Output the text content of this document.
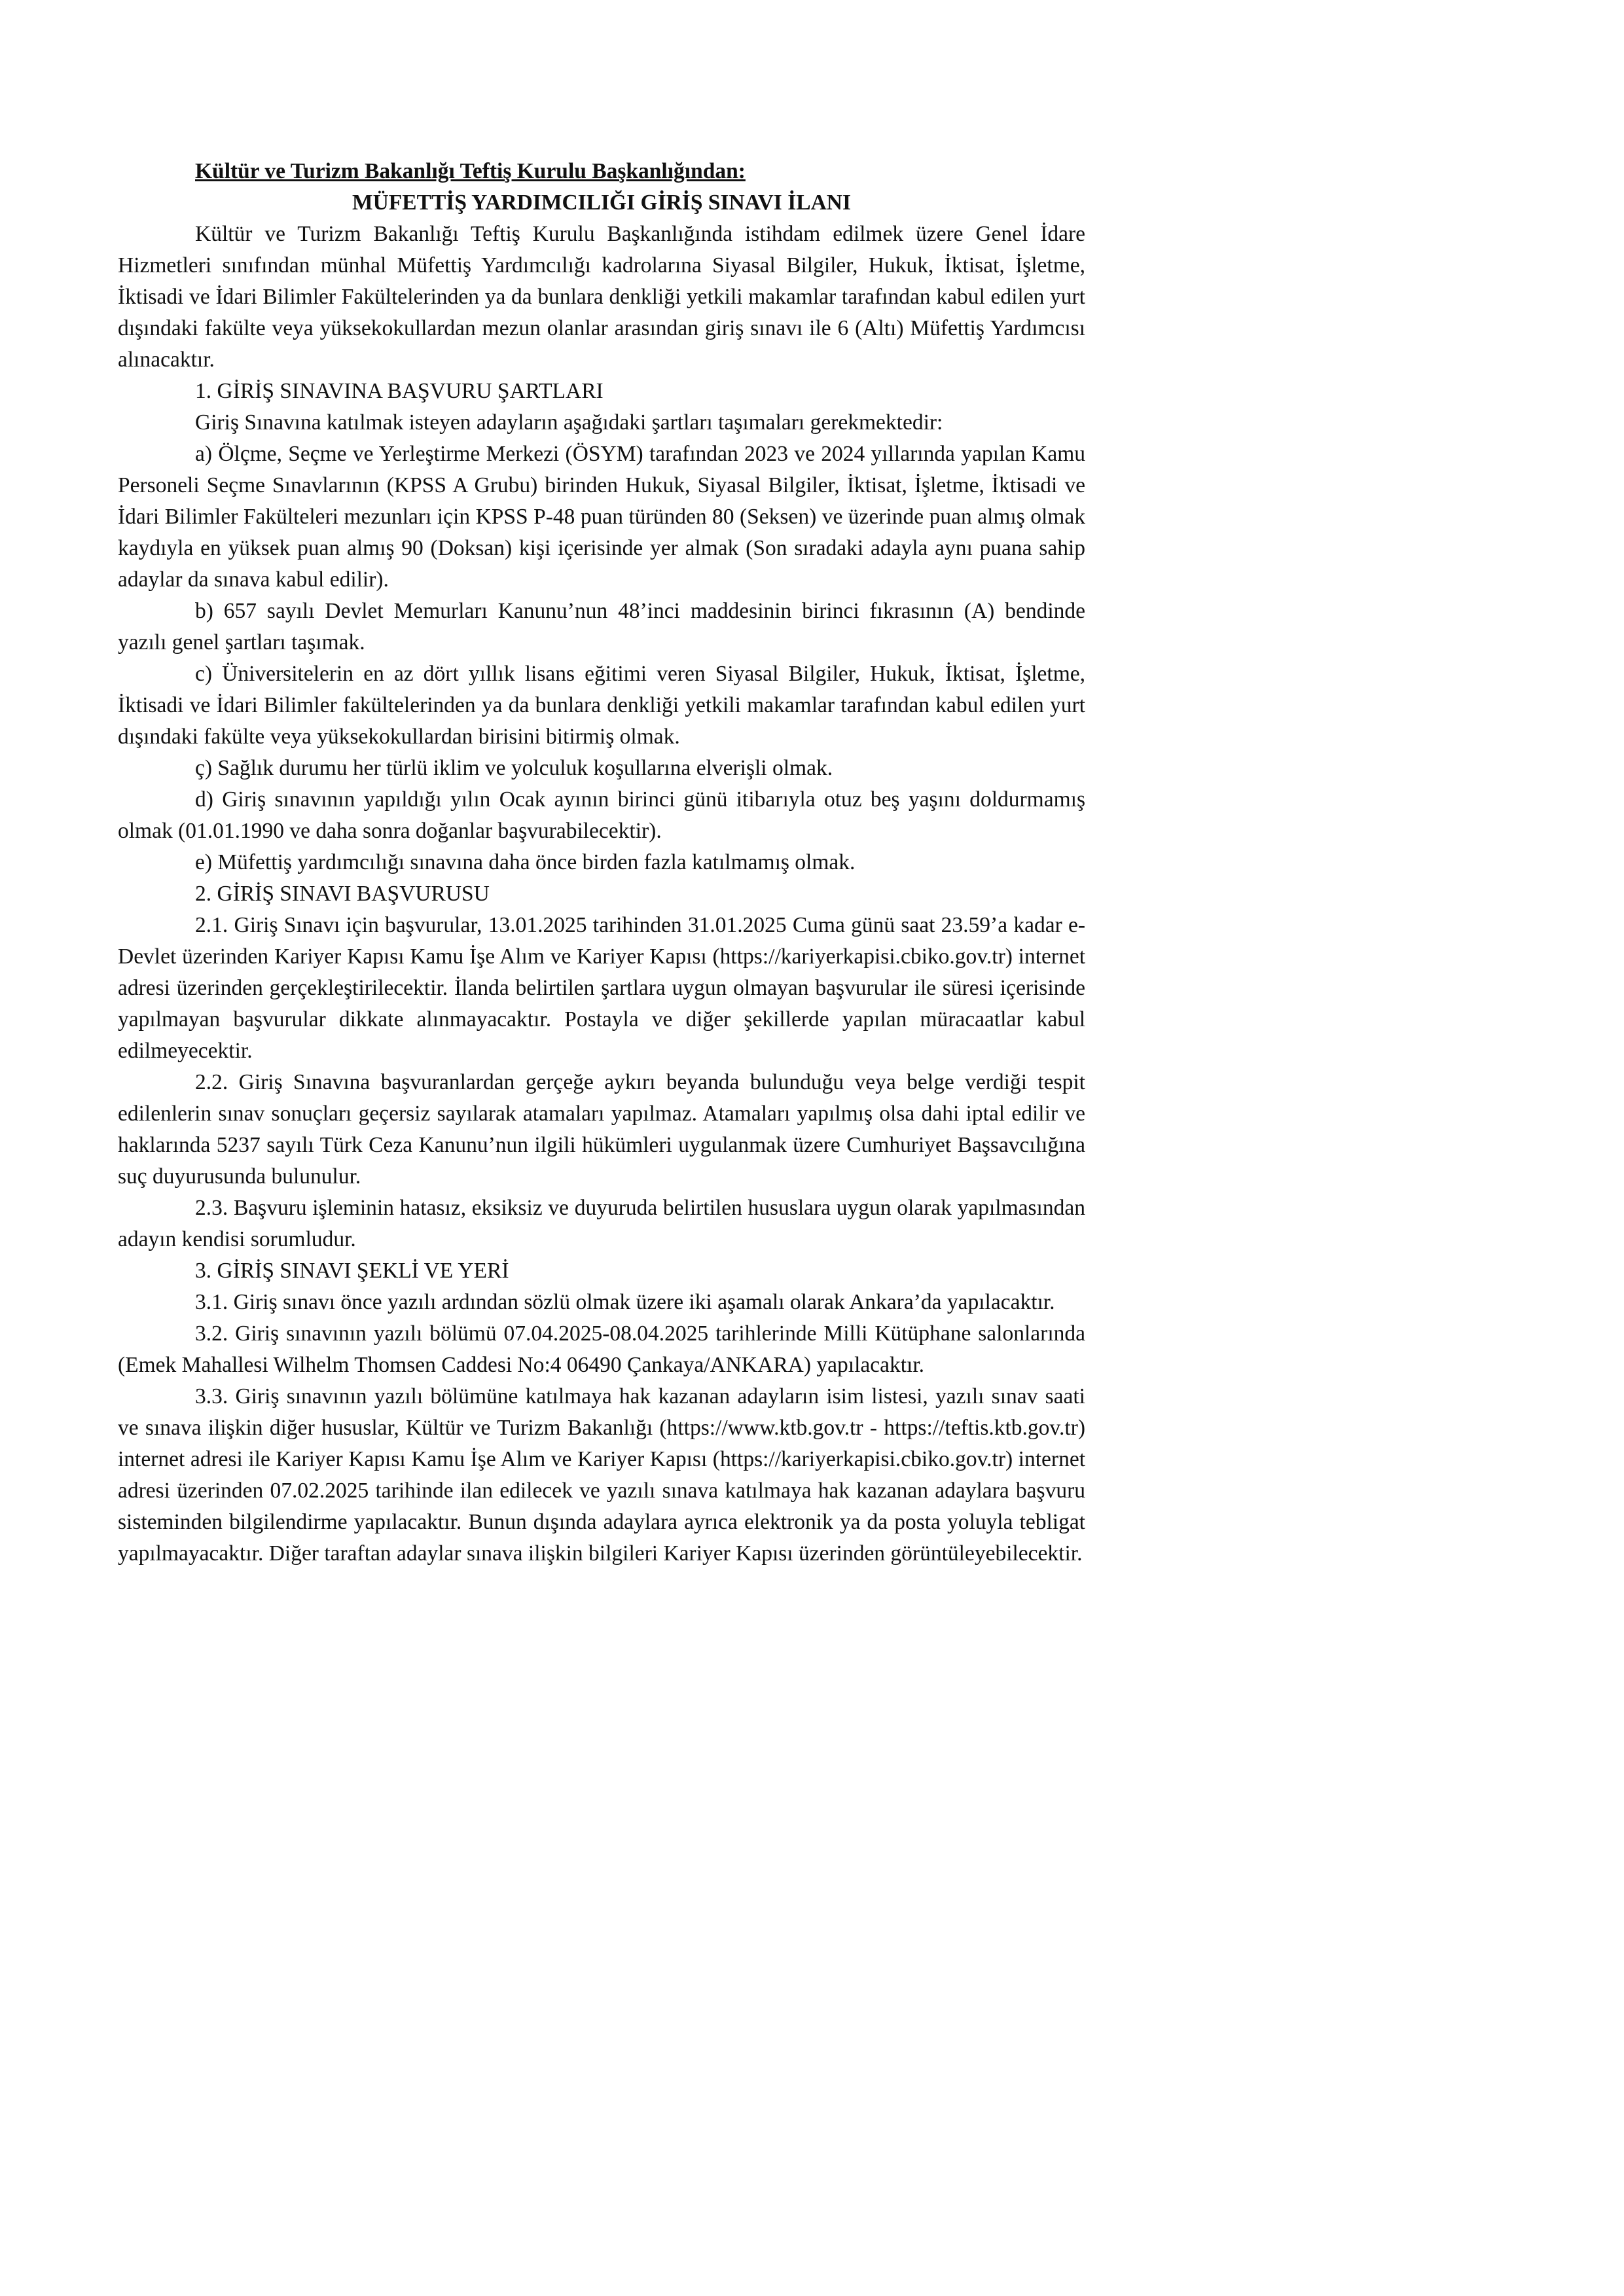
Kültür ve Turizm Bakanlığı Teftiş Kurulu Başkanlığından:

MÜFETTİŞ YARDIMCILIĞI GİRİŞ SINAVI İLANI

Kültür ve Turizm Bakanlığı Teftiş Kurulu Başkanlığında istihdam edilmek üzere Genel İdare Hizmetleri sınıfından münhal Müfettiş Yardımcılığı kadrolarına Siyasal Bilgiler, Hukuk, İktisat, İşletme, İktisadi ve İdari Bilimler Fakültelerinden ya da bunlara denkliği yetkili makamlar tarafından kabul edilen yurt dışındaki fakülte veya yüksekokullardan mezun olanlar arasından giriş sınavı ile 6 (Altı) Müfettiş Yardımcısı alınacaktır.

1. GİRİŞ SINAVINA BAŞVURU ŞARTLARI

Giriş Sınavına katılmak isteyen adayların aşağıdaki şartları taşımaları gerekmektedir:

a) Ölçme, Seçme ve Yerleştirme Merkezi (ÖSYM) tarafından 2023 ve 2024 yıllarında yapılan Kamu Personeli Seçme Sınavlarının (KPSS A Grubu) birinden Hukuk, Siyasal Bilgiler, İktisat, İşletme, İktisadi ve İdari Bilimler Fakülteleri mezunları için KPSS P-48 puan türünden 80 (Seksen) ve üzerinde puan almış olmak kaydıyla en yüksek puan almış 90 (Doksan) kişi içerisinde yer almak (Son sıradaki adayla aynı puana sahip adaylar da sınava kabul edilir).

b) 657 sayılı Devlet Memurları Kanunu’nun 48’inci maddesinin birinci fıkrasının (A) bendinde yazılı genel şartları taşımak.

c) Üniversitelerin en az dört yıllık lisans eğitimi veren Siyasal Bilgiler, Hukuk, İktisat, İşletme, İktisadi ve İdari Bilimler fakültelerinden ya da bunlara denkliği yetkili makamlar tarafından kabul edilen yurt dışındaki fakülte veya yüksekokullardan birisini bitirmiş olmak.

ç) Sağlık durumu her türlü iklim ve yolculuk koşullarına elverişli olmak.

d) Giriş sınavının yapıldığı yılın Ocak ayının birinci günü itibarıyla otuz beş yaşını doldurmamış olmak (01.01.1990 ve daha sonra doğanlar başvurabilecektir).

e) Müfettiş yardımcılığı sınavına daha önce birden fazla katılmamış olmak.

2. GİRİŞ SINAVI BAŞVURUSU

2.1. Giriş Sınavı için başvurular, 13.01.2025 tarihinden 31.01.2025 Cuma günü saat 23.59’a kadar e-Devlet üzerinden Kariyer Kapısı Kamu İşe Alım ve Kariyer Kapısı (https://kariyerkapisi.cbiko.gov.tr) internet adresi üzerinden gerçekleştirilecektir. İlanda belirtilen şartlara uygun olmayan başvurular ile süresi içerisinde yapılmayan başvurular dikkate alınmayacaktır. Postayla ve diğer şekillerde yapılan müracaatlar kabul edilmeyecektir.

2.2. Giriş Sınavına başvuranlardan gerçeğe aykırı beyanda bulunduğu veya belge verdiği tespit edilenlerin sınav sonuçları geçersiz sayılarak atamaları yapılmaz. Atamaları yapılmış olsa dahi iptal edilir ve haklarında 5237 sayılı Türk Ceza Kanunu’nun ilgili hükümleri uygulanmak üzere Cumhuriyet Başsavcılığına suç duyurusunda bulunulur.

2.3. Başvuru işleminin hatasız, eksiksiz ve duyuruda belirtilen hususlara uygun olarak yapılmasından adayın kendisi sorumludur.

3. GİRİŞ SINAVI ŞEKLİ VE YERİ

3.1. Giriş sınavı önce yazılı ardından sözlü olmak üzere iki aşamalı olarak Ankara’da yapılacaktır.

3.2. Giriş sınavının yazılı bölümü 07.04.2025-08.04.2025 tarihlerinde Milli Kütüphane salonlarında (Emek Mahallesi Wilhelm Thomsen Caddesi No:4 06490 Çankaya/ANKARA) yapılacaktır.

3.3. Giriş sınavının yazılı bölümüne katılmaya hak kazanan adayların isim listesi, yazılı sınav saati ve sınava ilişkin diğer hususlar, Kültür ve Turizm Bakanlığı (https://www.ktb.gov.tr - https://teftis.ktb.gov.tr) internet adresi ile Kariyer Kapısı Kamu İşe Alım ve Kariyer Kapısı (https://kariyerkapisi.cbiko.gov.tr) internet adresi üzerinden 07.02.2025 tarihinde ilan edilecek ve yazılı sınava katılmaya hak kazanan adaylara başvuru sisteminden bilgilendirme yapılacaktır. Bunun dışında adaylara ayrıca elektronik ya da posta yoluyla tebligat yapılmayacaktır. Diğer taraftan adaylar sınava ilişkin bilgileri Kariyer Kapısı üzerinden görüntüleyebilecektir.
